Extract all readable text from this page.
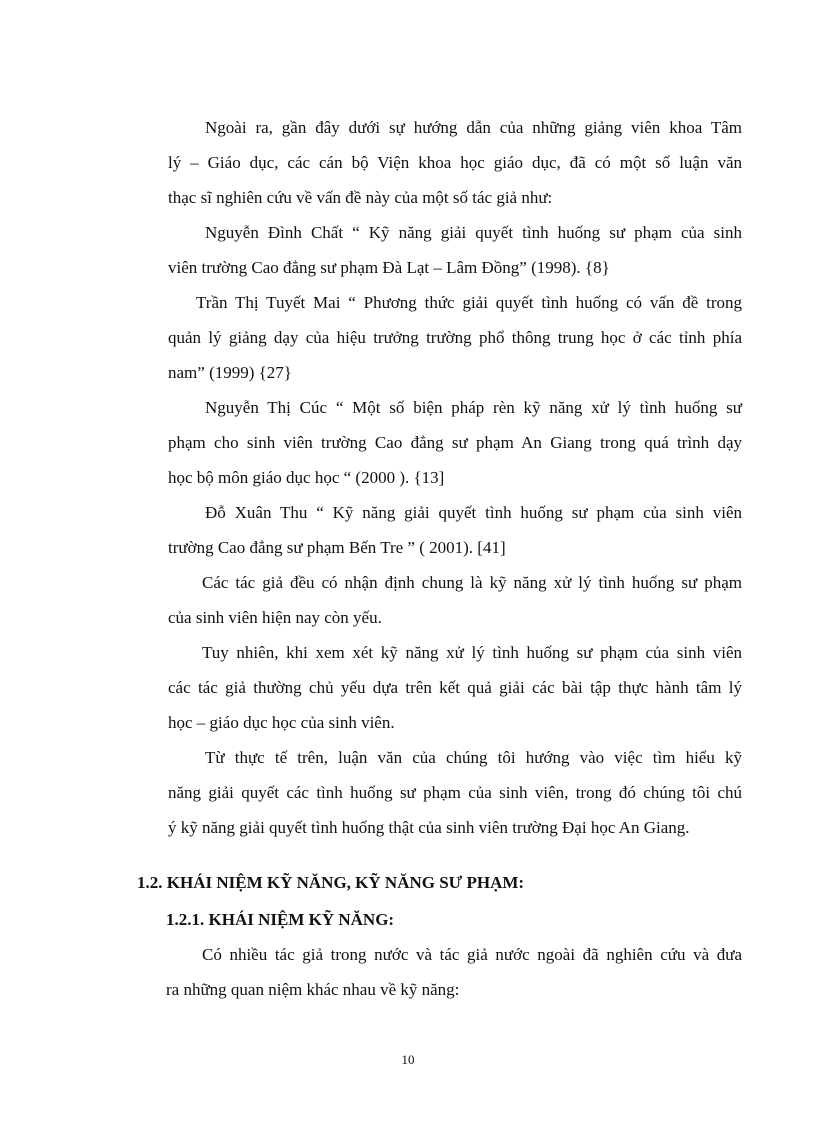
Ngoài ra, gần đây dưới sự hướng dẫn của những giảng viên khoa Tâm
lý – Giáo dục, các cán bộ Viện khoa học giáo dục, đã có một số luận văn
thạc sĩ nghiên cứu về vấn đề này của một số tác giả như:
Nguyễn Đình Chất “ Kỹ năng giải quyết tình huống sư phạm của sinh
viên trường Cao đẳng sư phạm Đà Lạt – Lâm Đồng” (1998). {8}
Trần Thị Tuyết Mai “ Phương thức giải quyết tình huống có vấn đề trong
quản lý giảng dạy của hiệu trưởng trường phổ thông trung học ở các tỉnh phía
nam” (1999) {27}
Nguyễn Thị Cúc “ Một số biện pháp rèn kỹ năng xử lý tình huống sư
phạm cho sinh viên trường Cao đẳng sư phạm An Giang trong quá trình dạy
học bộ môn giáo dục học “ (2000 ). {13]
Đỗ Xuân Thu “ Kỹ năng giải quyết tình huống sư phạm của sinh viên
trường Cao đẳng sư phạm Bến Tre ” ( 2001). [41]
Các tác giả đều có nhận định chung là kỹ năng xử lý tình huống sư phạm
của sinh viên hiện nay còn yếu.
Tuy nhiên, khi xem xét kỹ năng xử lý tình huống sư phạm của sinh viên
các tác giả thường chủ yếu dựa trên kết quả giải các bài tập thực hành tâm lý
học – giáo dục học của sinh viên.
Từ thực tế trên, luận văn của chúng tôi hướng vào việc tìm hiểu kỹ
năng giải quyết các tình huống sư phạm của sinh viên, trong đó chúng tôi chú
ý kỹ năng giải quyết tình huống thật của sinh viên trường Đại học An Giang.
1.2. KHÁI NIỆM KỸ NĂNG, KỸ NĂNG SƯ PHẠM:
1.2.1. KHÁI NIỆM KỸ NĂNG:
Có nhiều tác giả trong nước và tác giả nước ngoài đã nghiên cứu và đưa
ra những quan niệm khác nhau về kỹ năng:
10
